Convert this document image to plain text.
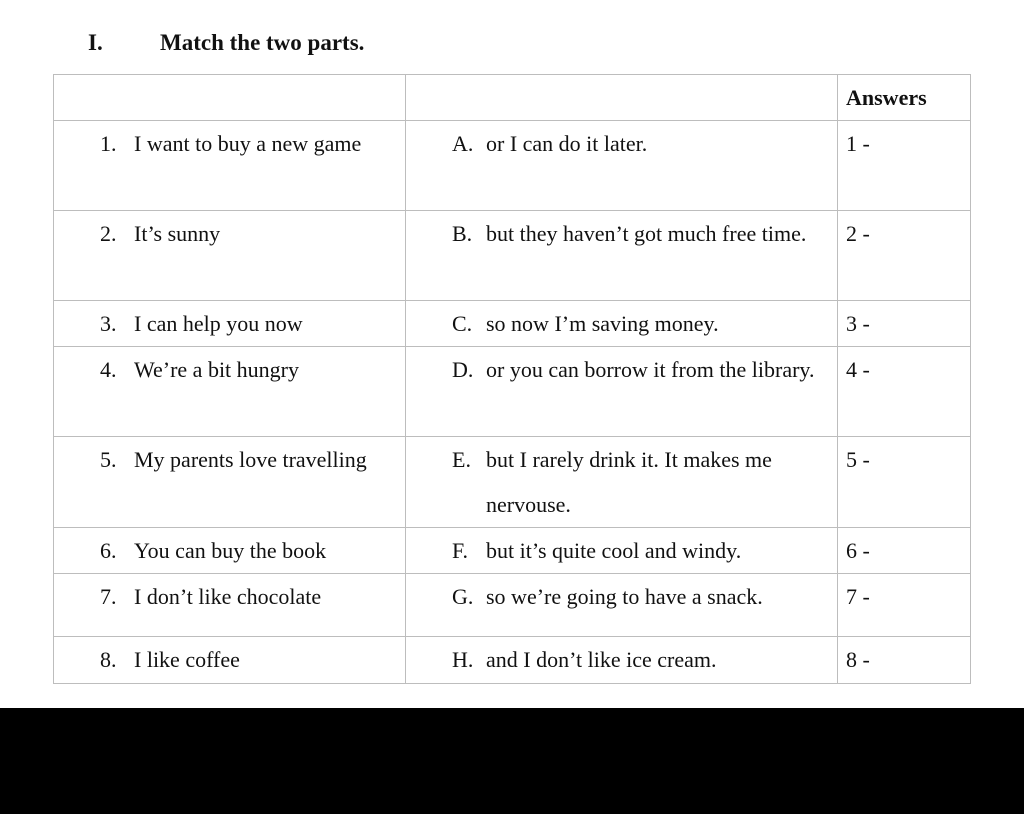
I. Match the two parts.
		Answers

1. I want to buy a new game	A. or I can do it later.	1 -

2. It’s sunny	B. but they haven’t got much free time.	2 -

3. I can help you now	C. so now I’m saving money.	3 -

4. We’re a bit hungry	D. or you can borrow it from the library.	4 -

5. My parents love travelling	E. but I rarely drink it. It makes me nervouse.	5 -

6. You can buy the book	F. but it’s quite cool and windy.	6 -

7. I don’t like chocolate	G. so we’re going to have a snack.	7 -

8. I like coffee	H. and I don’t like ice cream.	8 -
